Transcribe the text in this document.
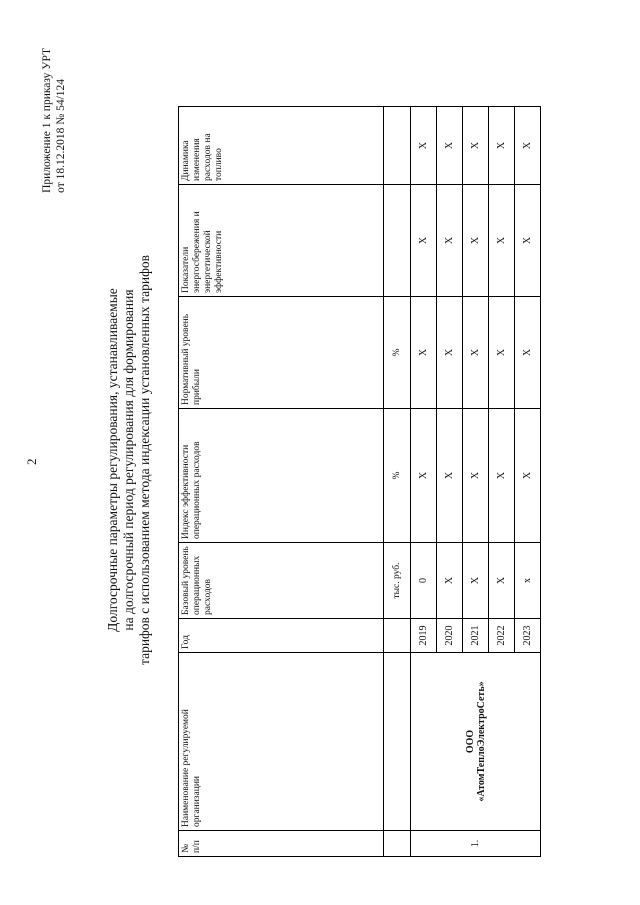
2
Приложение 1 к приказу УРТ от 18.12.2018 № 54/124
Долгосрочные параметры регулирования, устанавливаемые на долгосрочный период регулирования для формирования тарифов с использованием метода индексации установленных тарифов
№ п/п	Наименование регулируемой организации	Год	Базовый уровень операционных расходов	Индекс эффективности операционных расходов	Нормативный уровень прибыли	Показатели энергосбережения и энергетической эффективности	Динамика изменения расходов на топливо
			тыс. руб.	%	%		
1.	ООО «АтомТеплоЭлектроСеть»	2019	0	X	X	X	X
		2020	X	X	X	X	X
		2021	X	X	X	X	X
		2022	X	X	X	X	X
		2023	x	X	X	X	X
